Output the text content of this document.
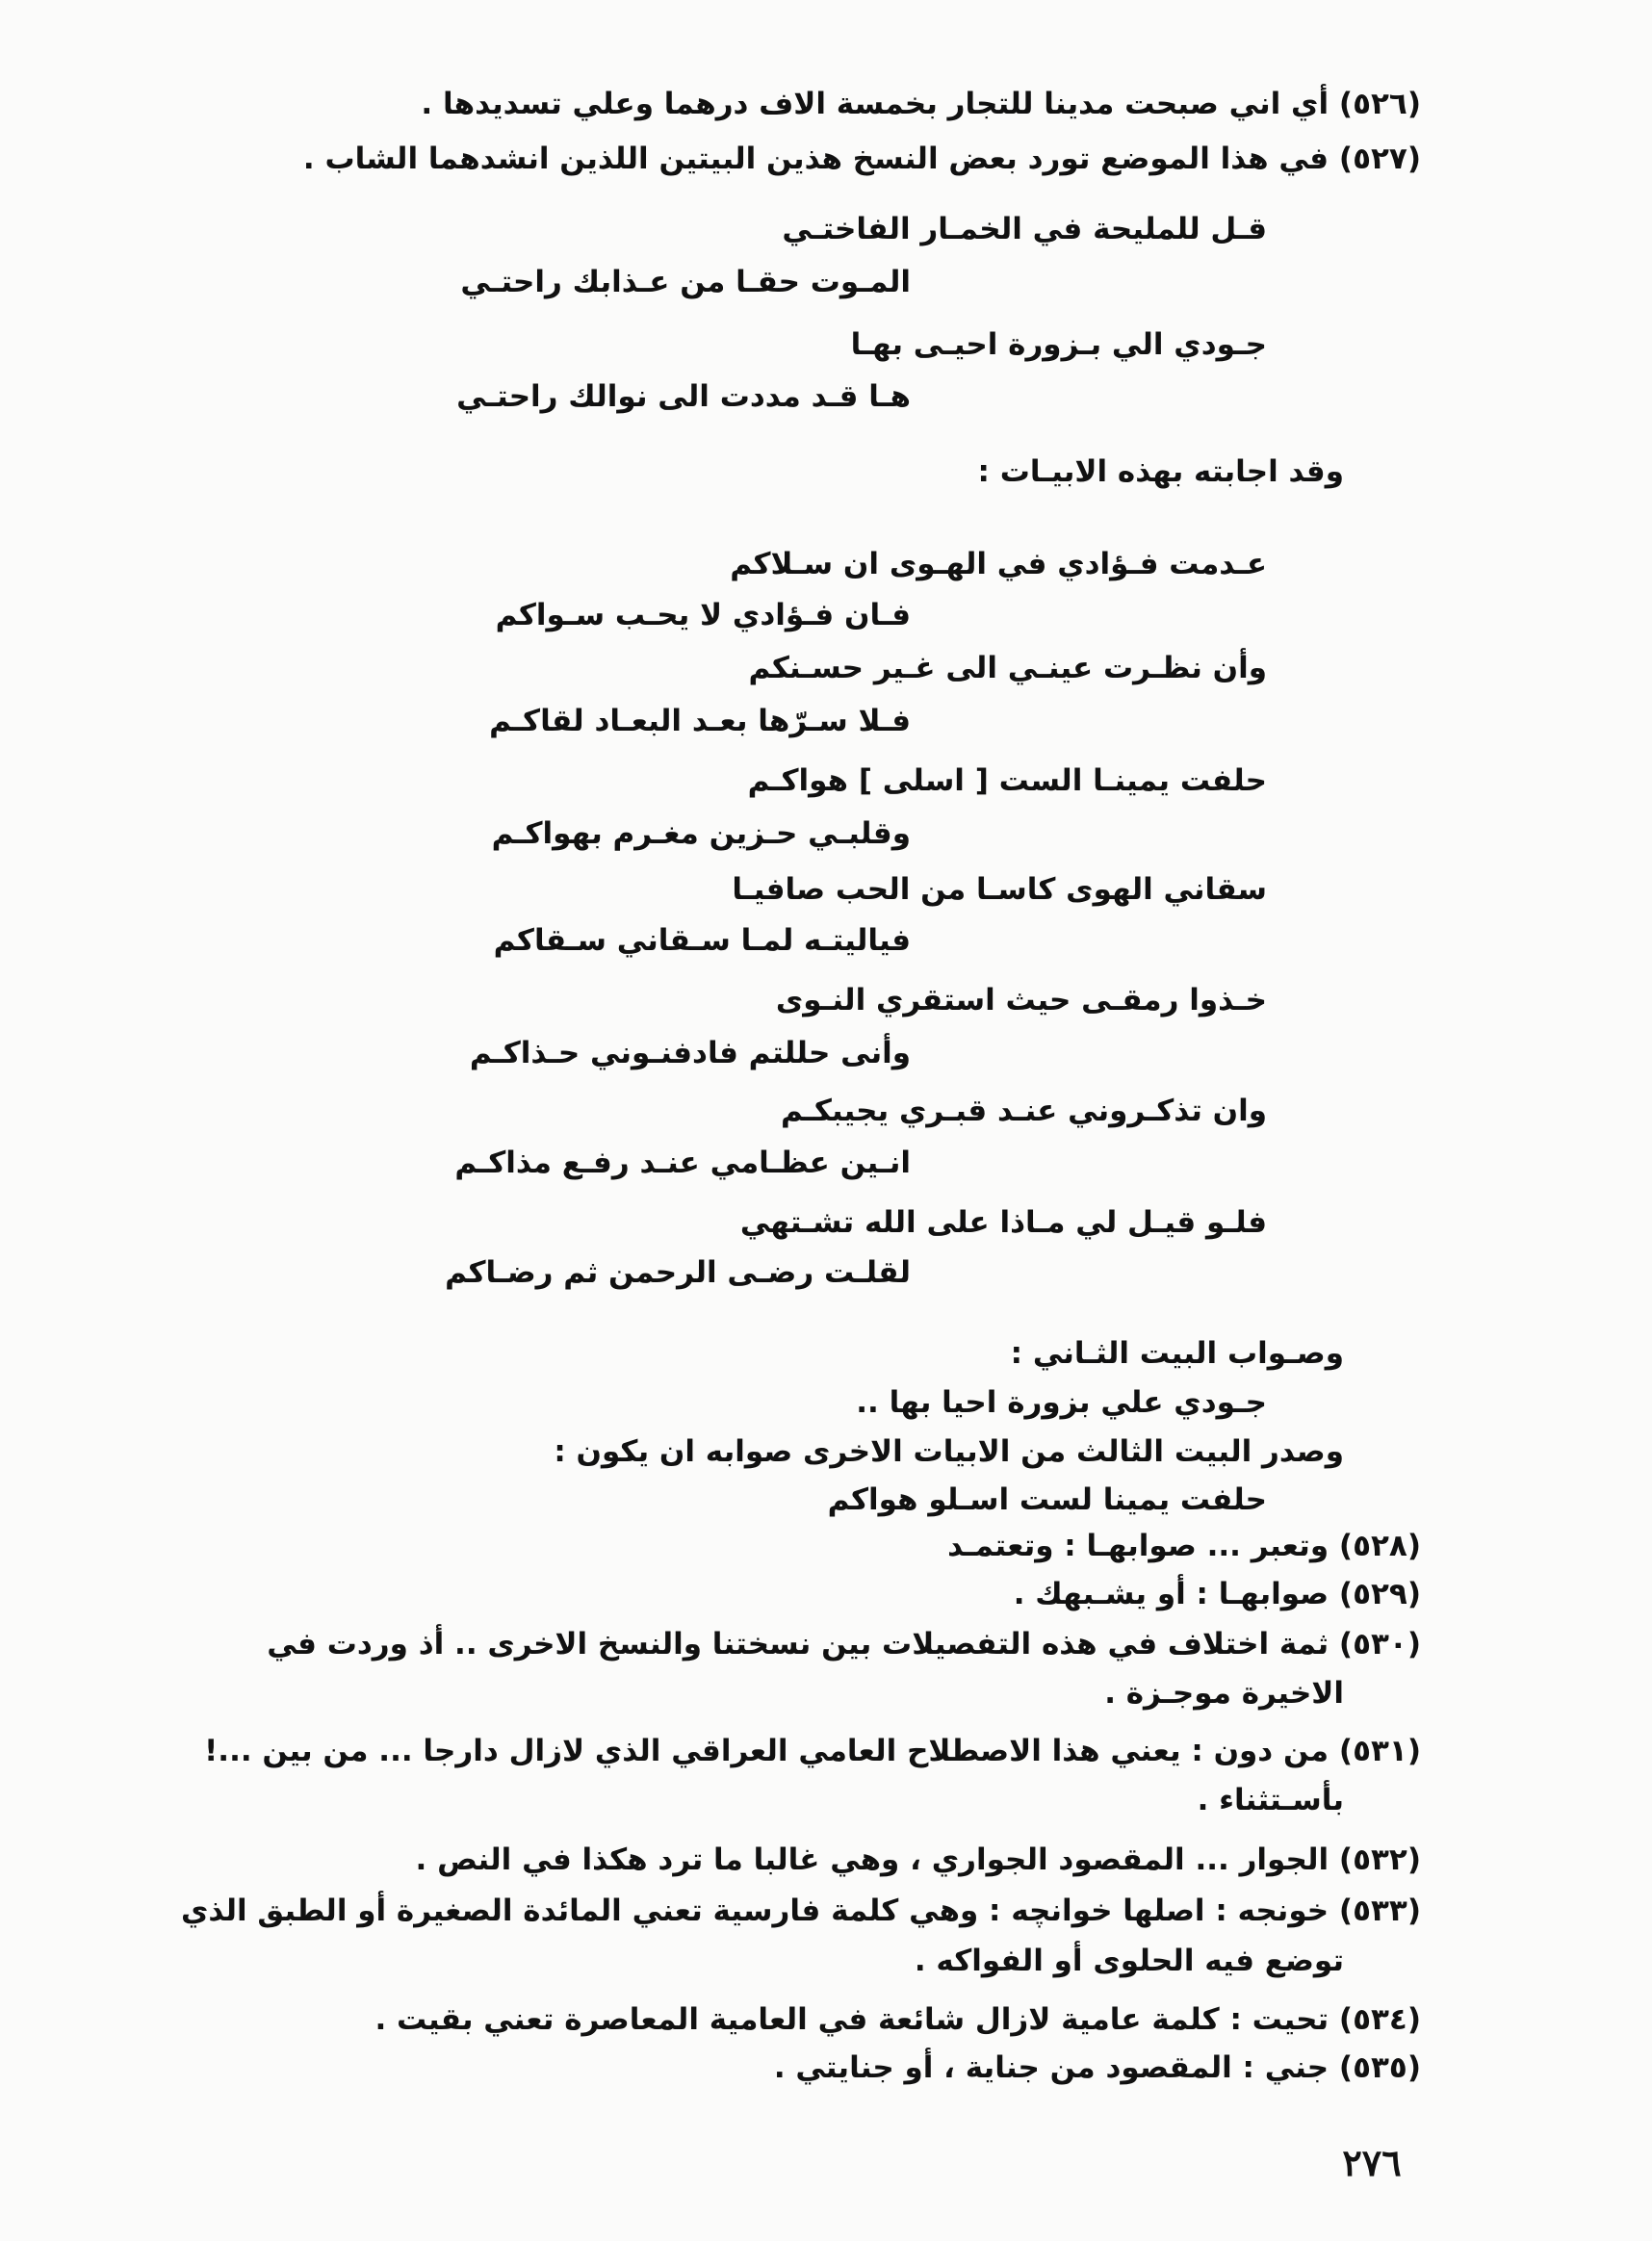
(٥٢٦) أي اني صبحت مدينا للتجار بخمسة الاف درهما وعلي تسديدها .

(٥٢٧) في هذا الموضع تورد بعض النسخ هذين البيتين اللذين انشدهما الشاب .

قـل للمليحة في الخمـار الفاختـي

المـوت حقـا من عـذابك راحتـي

جـودي الي بـزورة احيـى بهـا

هـا قـد مددت الى نوالك راحتـي

وقد اجابته بهذه الابيـات :

عـدمت فـؤادي في الهـوى ان سـلاكم

فـان فـؤادي لا يحـب سـواكم

وأن نظـرت عينـي الى غـير حسـنكم

فـلا سـرّها بعـد البعـاد لقاكـم

حلفت يمينـا الست [ اسلى ] هواكـم

وقلبـي حـزين مغـرم بهواكـم

سقاني الهوى كاسـا من الحب صافيـا

فياليتـه لمـا سـقاني سـقاكم

خـذوا رمقـى حيث استقري النـوى

وأنى حللتم فادفنـوني حـذاكـم

وان تذكـروني عنـد قبـري يجيبكـم

انـين عظـامي عنـد رفـع مذاكـم

فلـو قيـل لي مـاذا على الله تشـتهي

لقلـت رضـى الرحمن ثم رضـاكم

وصـواب البيت الثـاني :

جـودي علي بزورة احيا بها ..

وصدر البيت الثالث من الابيات الاخرى صوابه ان يكون :

حلفت يمينا لست اسـلو هواكم

(٥٢٨) وتعبر ... صوابهـا : وتعتمـد

(٥٢٩) صوابهـا : أو يشـبهك .

(٥٣٠) ثمة اختلاف في هذه التفصيلات بين نسختنا والنسخ الاخرى .. أذ وردت في

الاخيرة موجـزة .

(٥٣١) من دون : يعني هذا الاصطلاح العامي العراقي الذي لازال دارجا ... من بين ...!

بأسـتثناء .

(٥٣٢) الجوار ... المقصود الجواري ، وهي غالبا ما ترد هكذا في النص .

(٥٣٣) خونجه : اصلها خوانچه : وهي كلمة فارسية تعني المائدة الصغيرة أو الطبق الذي

توضع فيه الحلوى أو الفواكه .

(٥٣٤) تحيت : كلمة عامية لازال شائعة في العامية المعاصرة تعني بقيت .

(٥٣٥) جني : المقصود من جناية ، أو جنايتي .

٢٧٦
